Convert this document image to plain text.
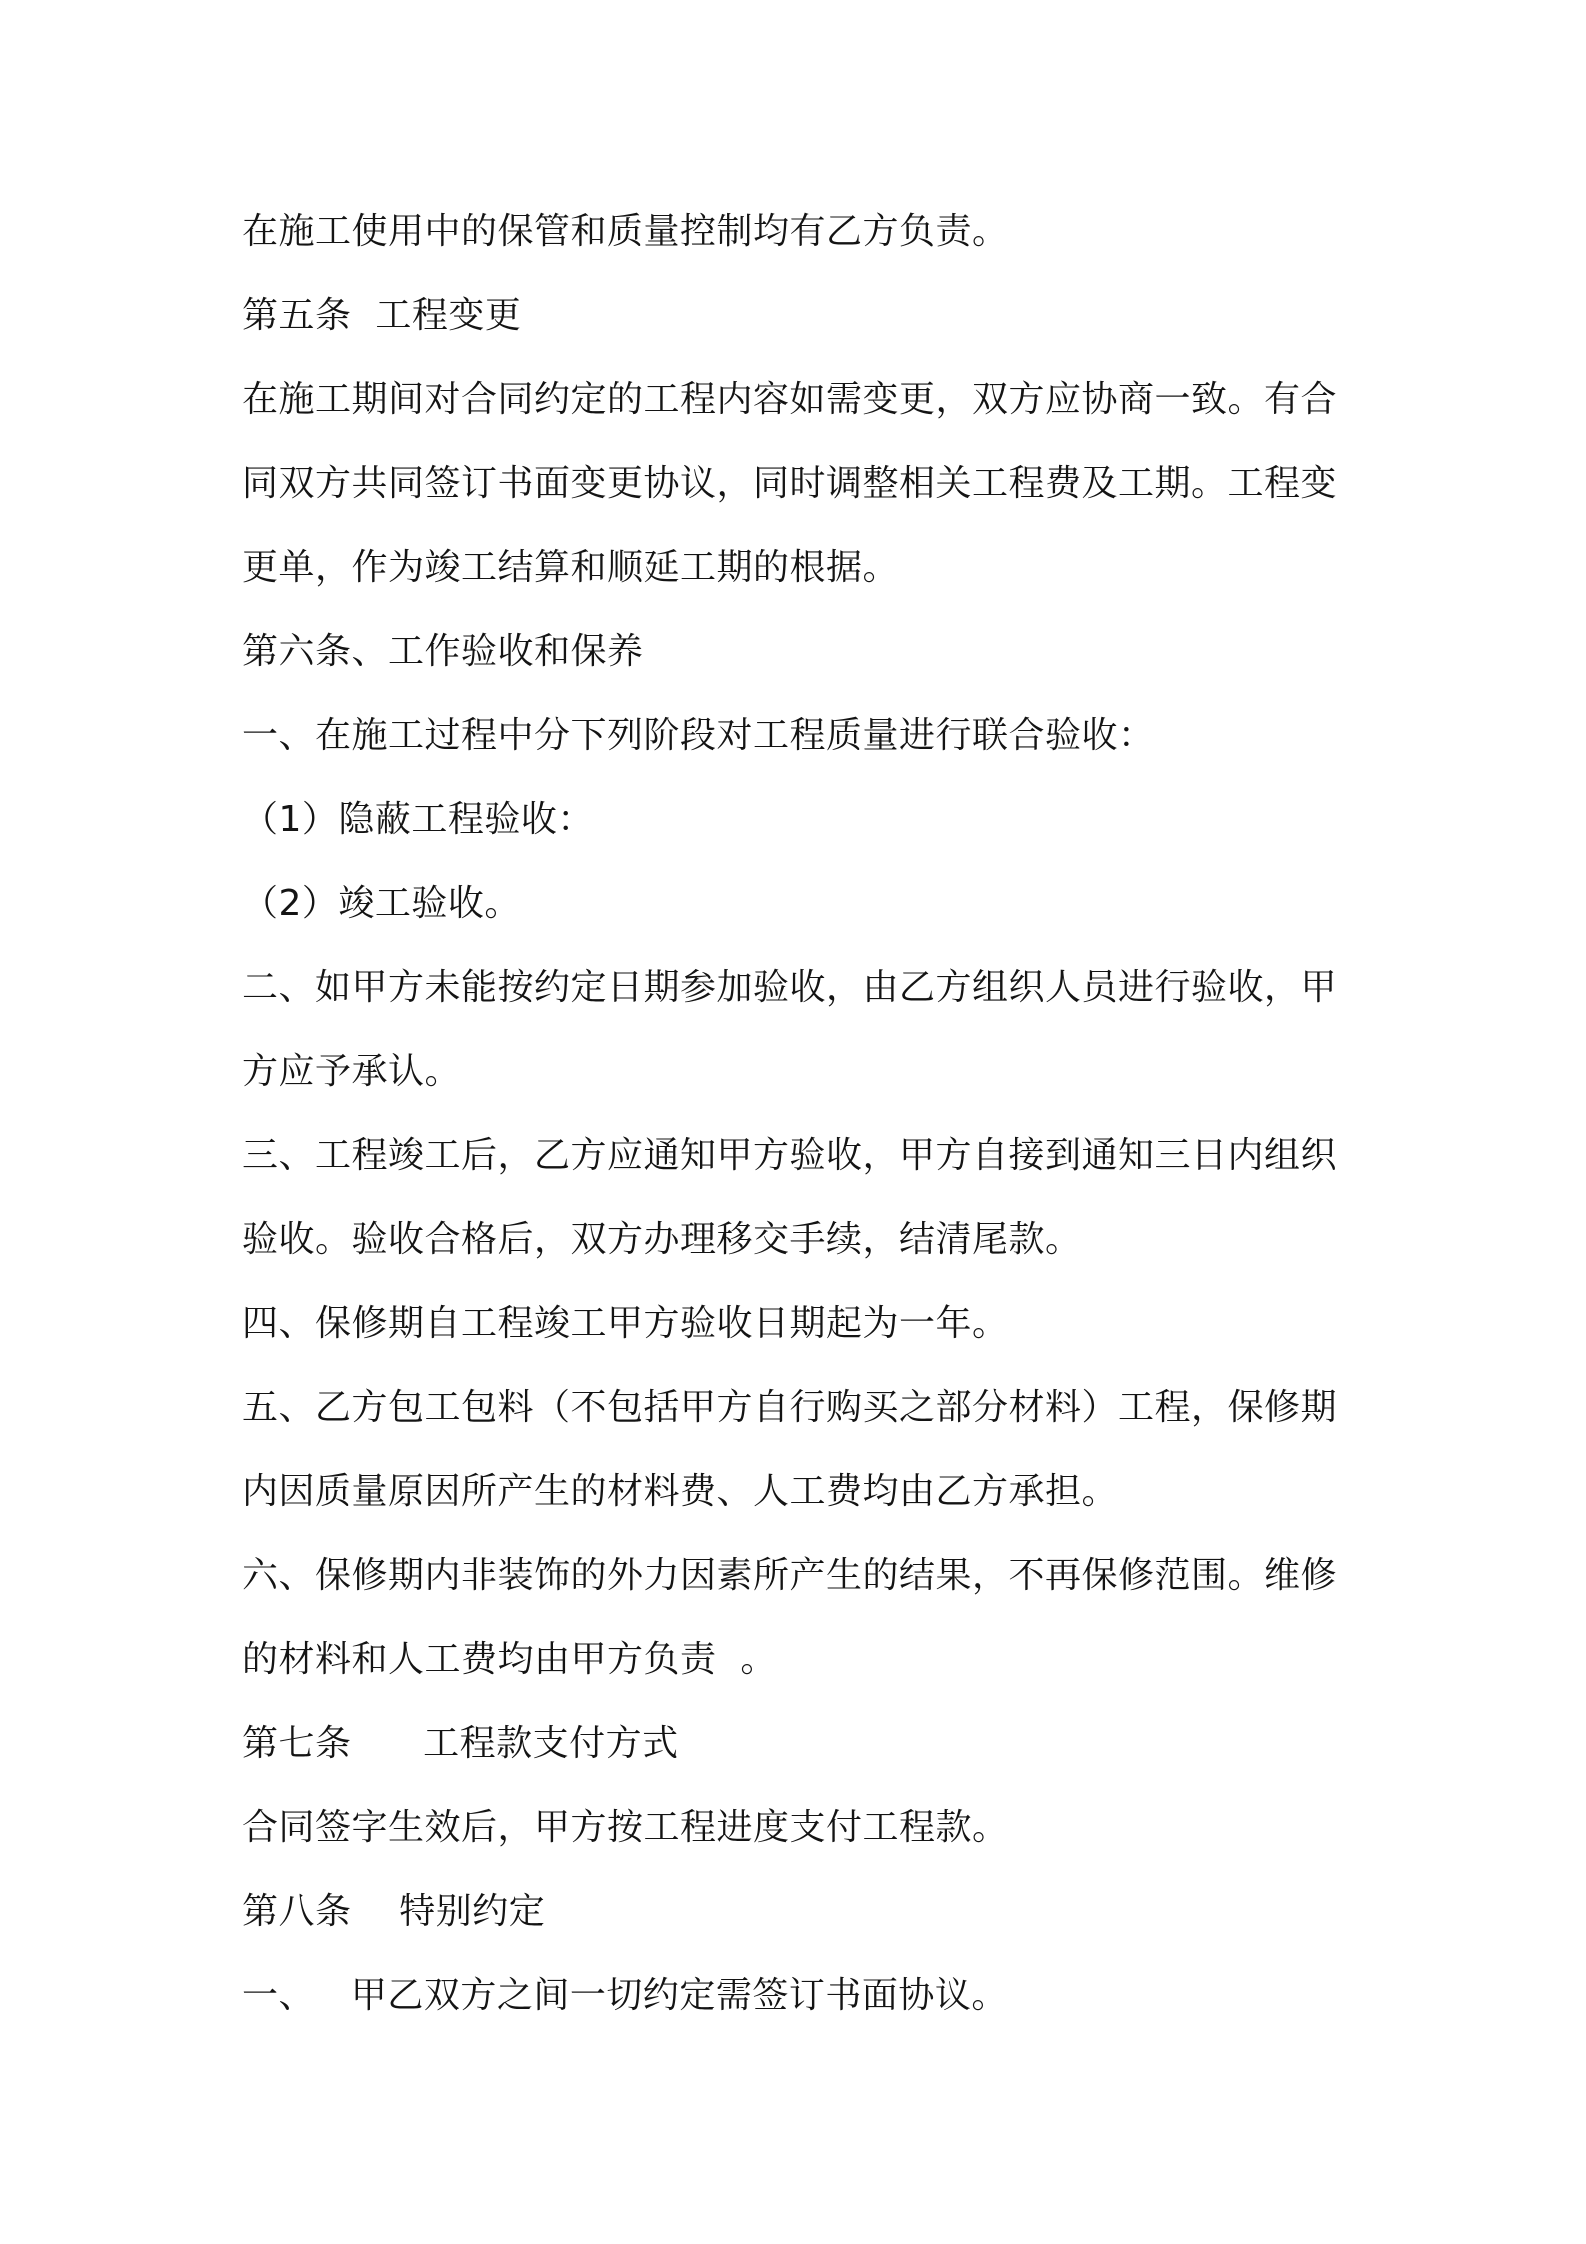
在施工使用中的保管和质量控制均有乙方负责。
第五条  工程变更
在施工期间对合同约定的工程内容如需变更，双方应协商一致。有合
同双方共同签订书面变更协议，同时调整相关工程费及工期。工程变
更单，作为竣工结算和顺延工期的根据。
第六条、工作验收和保养
一、在施工过程中分下列阶段对工程质量进行联合验收：
（1）隐蔽工程验收：
（2）竣工验收。
二、如甲方未能按约定日期参加验收，由乙方组织人员进行验收，甲
方应予承认。
三、工程竣工后，乙方应通知甲方验收，甲方自接到通知三日内组织
验收。验收合格后，双方办理移交手续，结清尾款。
四、保修期自工程竣工甲方验收日期起为一年。
五、乙方包工包料（不包括甲方自行购买之部分材料）工程，保修期
内因质量原因所产生的材料费、人工费均由乙方承担。
六、保修期内非装饰的外力因素所产生的结果，不再保修范围。维修
的材料和人工费均由甲方负责  。
第七条      工程款支付方式
合同签字生效后，甲方按工程进度支付工程款。
第八条    特别约定
一、   甲乙双方之间一切约定需签订书面协议。
